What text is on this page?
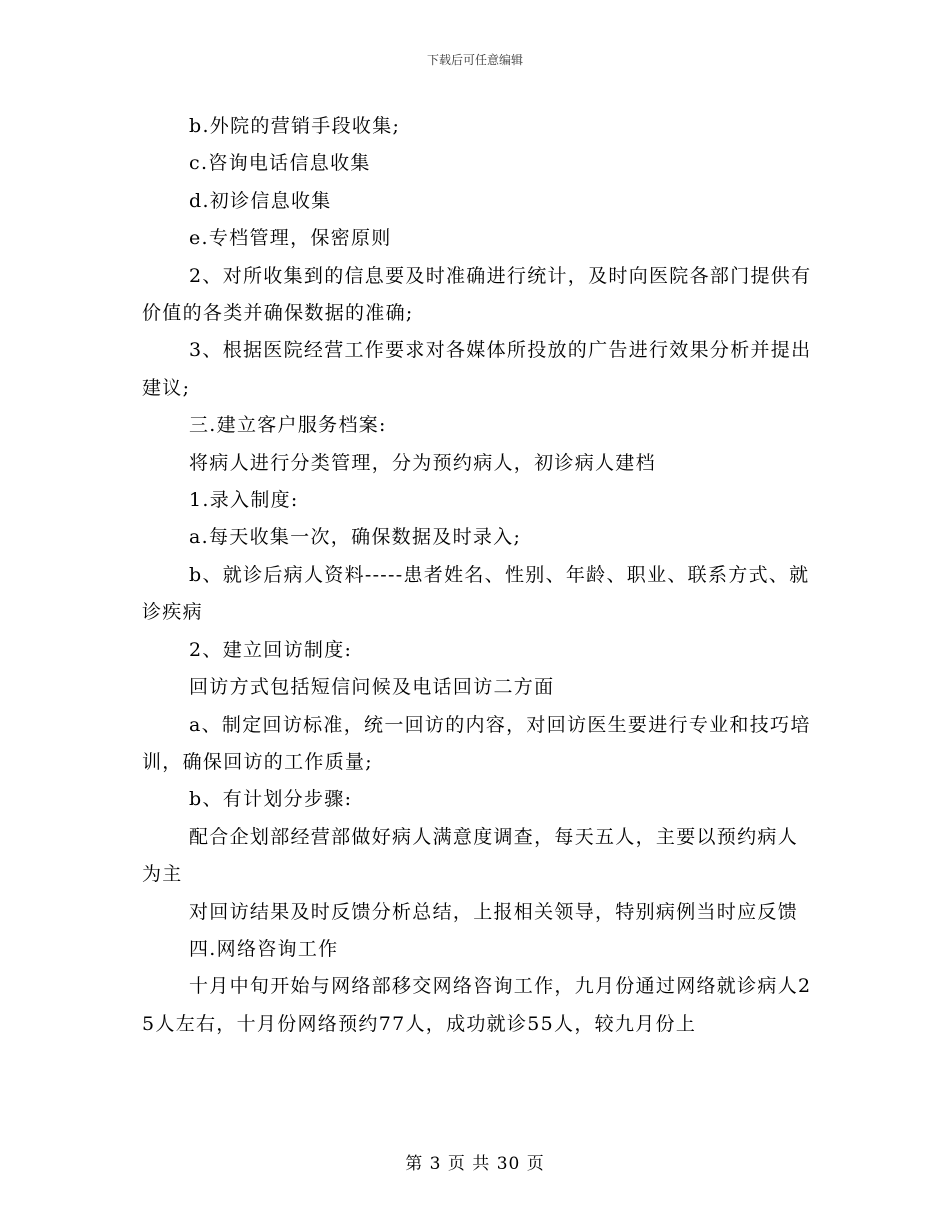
下载后可任意编辑

b.外院的营销手段收集;

c.咨询电话信息收集

d.初诊信息收集

e.专档管理，保密原则

2、对所收集到的信息要及时准确进行统计，及时向医院各部门提供有价值的各类并确保数据的准确;

3、根据医院经营工作要求对各媒体所投放的广告进行效果分析并提出建议;

三.建立客户服务档案:

将病人进行分类管理，分为预约病人，初诊病人建档

1.录入制度:

a.每天收集一次，确保数据及时录入;

b、就诊后病人资料-----患者姓名、性别、年龄、职业、联系方式、就诊疾病

2、建立回访制度:

回访方式包括短信问候及电话回访二方面

a、制定回访标准，统一回访的内容，对回访医生要进行专业和技巧培训，确保回访的工作质量;

b、有计划分步骤:

配合企划部经营部做好病人满意度调查，每天五人，主要以预约病人为主

对回访结果及时反馈分析总结，上报相关领导，特别病例当时应反馈

四.网络咨询工作

十月中旬开始与网络部移交网络咨询工作，九月份通过网络就诊病人25人左右，十月份网络预约77人，成功就诊55人，较九月份上

第 3 页 共 30 页
